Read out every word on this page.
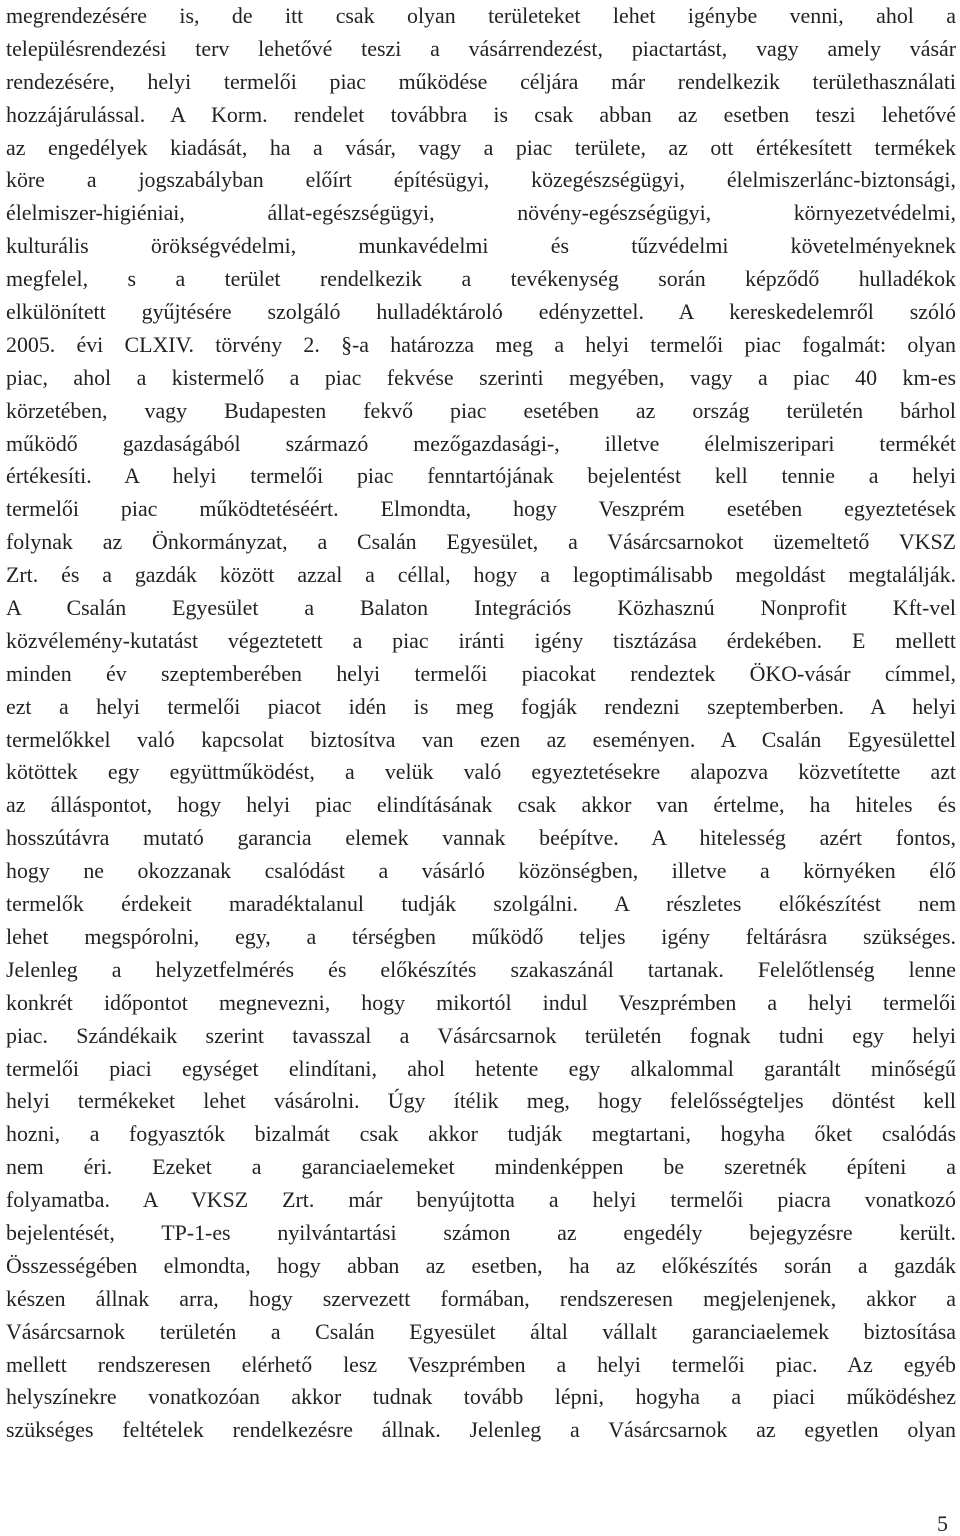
megrendezésére is, de itt csak olyan területeket lehet igénybe venni, ahol a
településrendezési terv lehetővé teszi a vásárrendezést, piactartást, vagy amely vásár
rendezésére, helyi termelői piac működése céljára már rendelkezik területhasználati
hozzájárulással. A Korm. rendelet továbbra is csak abban az esetben teszi lehetővé
az engedélyek kiadását, ha a vásár, vagy a piac területe, az ott értékesített termékek
köre a jogszabályban előírt építésügyi, közegészségügyi, élelmiszerlánc-biztonsági,
élelmiszer-higiéniai, állat-egészségügyi, növény-egészségügyi, környezetvédelmi,
kulturális örökségvédelmi, munkavédelmi és tűzvédelmi követelményeknek
megfelel, s a terület rendelkezik a tevékenység során képződő hulladékok
elkülönített gyűjtésére szolgáló hulladéktároló edényzettel. A kereskedelemről szóló
2005. évi CLXIV. törvény 2. §-a határozza meg a helyi termelői piac fogalmát: olyan
piac, ahol a kistermelő a piac fekvése szerinti megyében, vagy a piac 40 km-es
körzetében, vagy Budapesten fekvő piac esetében az ország területén bárhol
működő gazdaságából származó mezőgazdasági-, illetve élelmiszeripari termékét
értékesíti. A helyi termelői piac fenntartójának bejelentést kell tennie a helyi
termelői piac működtetéséért. Elmondta, hogy Veszprém esetében egyeztetések
folynak az Önkormányzat, a Csalán Egyesület, a Vásárcsarnokot üzemeltető VKSZ
Zrt. és a gazdák között azzal a céllal, hogy a legoptimálisabb megoldást megtalálják.
A Csalán Egyesület a Balaton Integrációs Közhasznú Nonprofit Kft-vel
közvélemény-kutatást végeztetett a piac iránti igény tisztázása érdekében. E mellett
minden év szeptemberében helyi termelői piacokat rendeztek ÖKO-vásár címmel,
ezt a helyi termelői piacot idén is meg fogják rendezni szeptemberben. A helyi
termelőkkel való kapcsolat biztosítva van ezen az eseményen. A Csalán Egyesülettel
kötöttek egy együttműködést, a velük való egyeztetésekre alapozva közvetítette azt
az álláspontot, hogy helyi piac elindításának csak akkor van értelme, ha hiteles és
hosszútávra mutató garancia elemek vannak beépítve. A hitelesség azért fontos,
hogy ne okozzanak csalódást a vásárló közönségben, illetve a környéken élő
termelők érdekeit maradéktalanul tudják szolgálni. A részletes előkészítést nem
lehet megspórolni, egy, a térségben működő teljes igény feltárásra szükséges.
Jelenleg a helyzetfelmérés és előkészítés szakaszánál tartanak. Felelőtlenség lenne
konkrét időpontot megnevezni, hogy mikortól indul Veszprémben a helyi termelői
piac. Szándékaik szerint tavasszal a Vásárcsarnok területén fognak tudni egy helyi
termelői piaci egységet elindítani, ahol hetente egy alkalommal garantált minőségű
helyi termékeket lehet vásárolni. Úgy ítélik meg, hogy felelősségteljes döntést kell
hozni, a fogyasztók bizalmát csak akkor tudják megtartani, hogyha őket csalódás
nem éri. Ezeket a garanciaelemeket mindenképpen be szeretnék építeni a
folyamatba. A VKSZ Zrt. már benyújtotta a helyi termelői piacra vonatkozó
bejelentését, TP-1-es nyilvántartási számon az engedély bejegyzésre került.
Összességében elmondta, hogy abban az esetben, ha az előkészítés során a gazdák
készen állnak arra, hogy szervezett formában, rendszeresen megjelenjenek, akkor a
Vásárcsarnok területén a Csalán Egyesület által vállalt garanciaelemek biztosítása
mellett rendszeresen elérhető lesz Veszprémben a helyi termelői piac. Az egyéb
helyszínekre vonatkozóan akkor tudnak tovább lépni, hogyha a piaci működéshez
szükséges feltételek rendelkezésre állnak. Jelenleg a Vásárcsarnok az egyetlen olyan
5
